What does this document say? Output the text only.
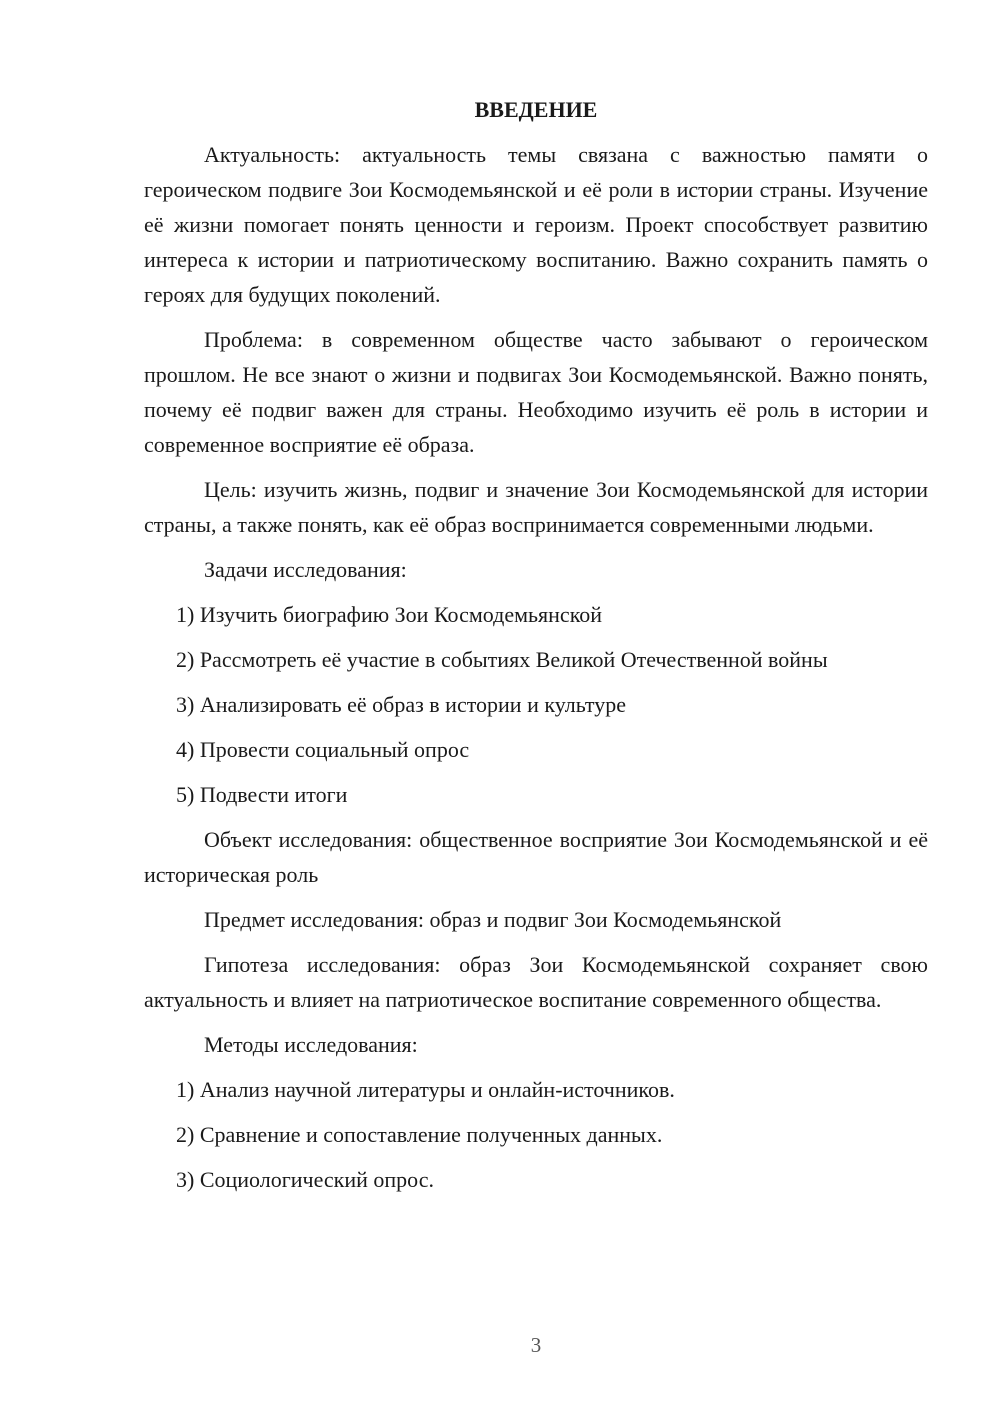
ВВЕДЕНИЕ
Актуальность: актуальность темы связана с важностью памяти о героическом подвиге Зои Космодемьянской и её роли в истории страны. Изучение её жизни помогает понять ценности и героизм. Проект способствует развитию интереса к истории и патриотическому воспитанию. Важно сохранить память о героях для будущих поколений.
Проблема: в современном обществе часто забывают о героическом прошлом. Не все знают о жизни и подвигах Зои Космодемьянской. Важно понять, почему её подвиг важен для страны. Необходимо изучить её роль в истории и современное восприятие её образа.
Цель: изучить жизнь, подвиг и значение Зои Космодемьянской для истории страны, а также понять, как её образ воспринимается современными людьми.
Задачи исследования:
1) Изучить биографию Зои Космодемьянской
2) Рассмотреть её участие в событиях Великой Отечественной войны
3) Анализировать её образ в истории и культуре
4) Провести социальный опрос
5) Подвести итоги
Объект исследования: общественное восприятие Зои Космодемьянской и её историческая роль
Предмет исследования: образ и подвиг Зои Космодемьянской
Гипотеза исследования: образ Зои Космодемьянской сохраняет свою актуальность и влияет на патриотическое воспитание современного общества.
Методы исследования:
1) Анализ научной литературы и онлайн-источников.
2) Сравнение и сопоставление полученных данных.
3) Социологический опрос.
3
